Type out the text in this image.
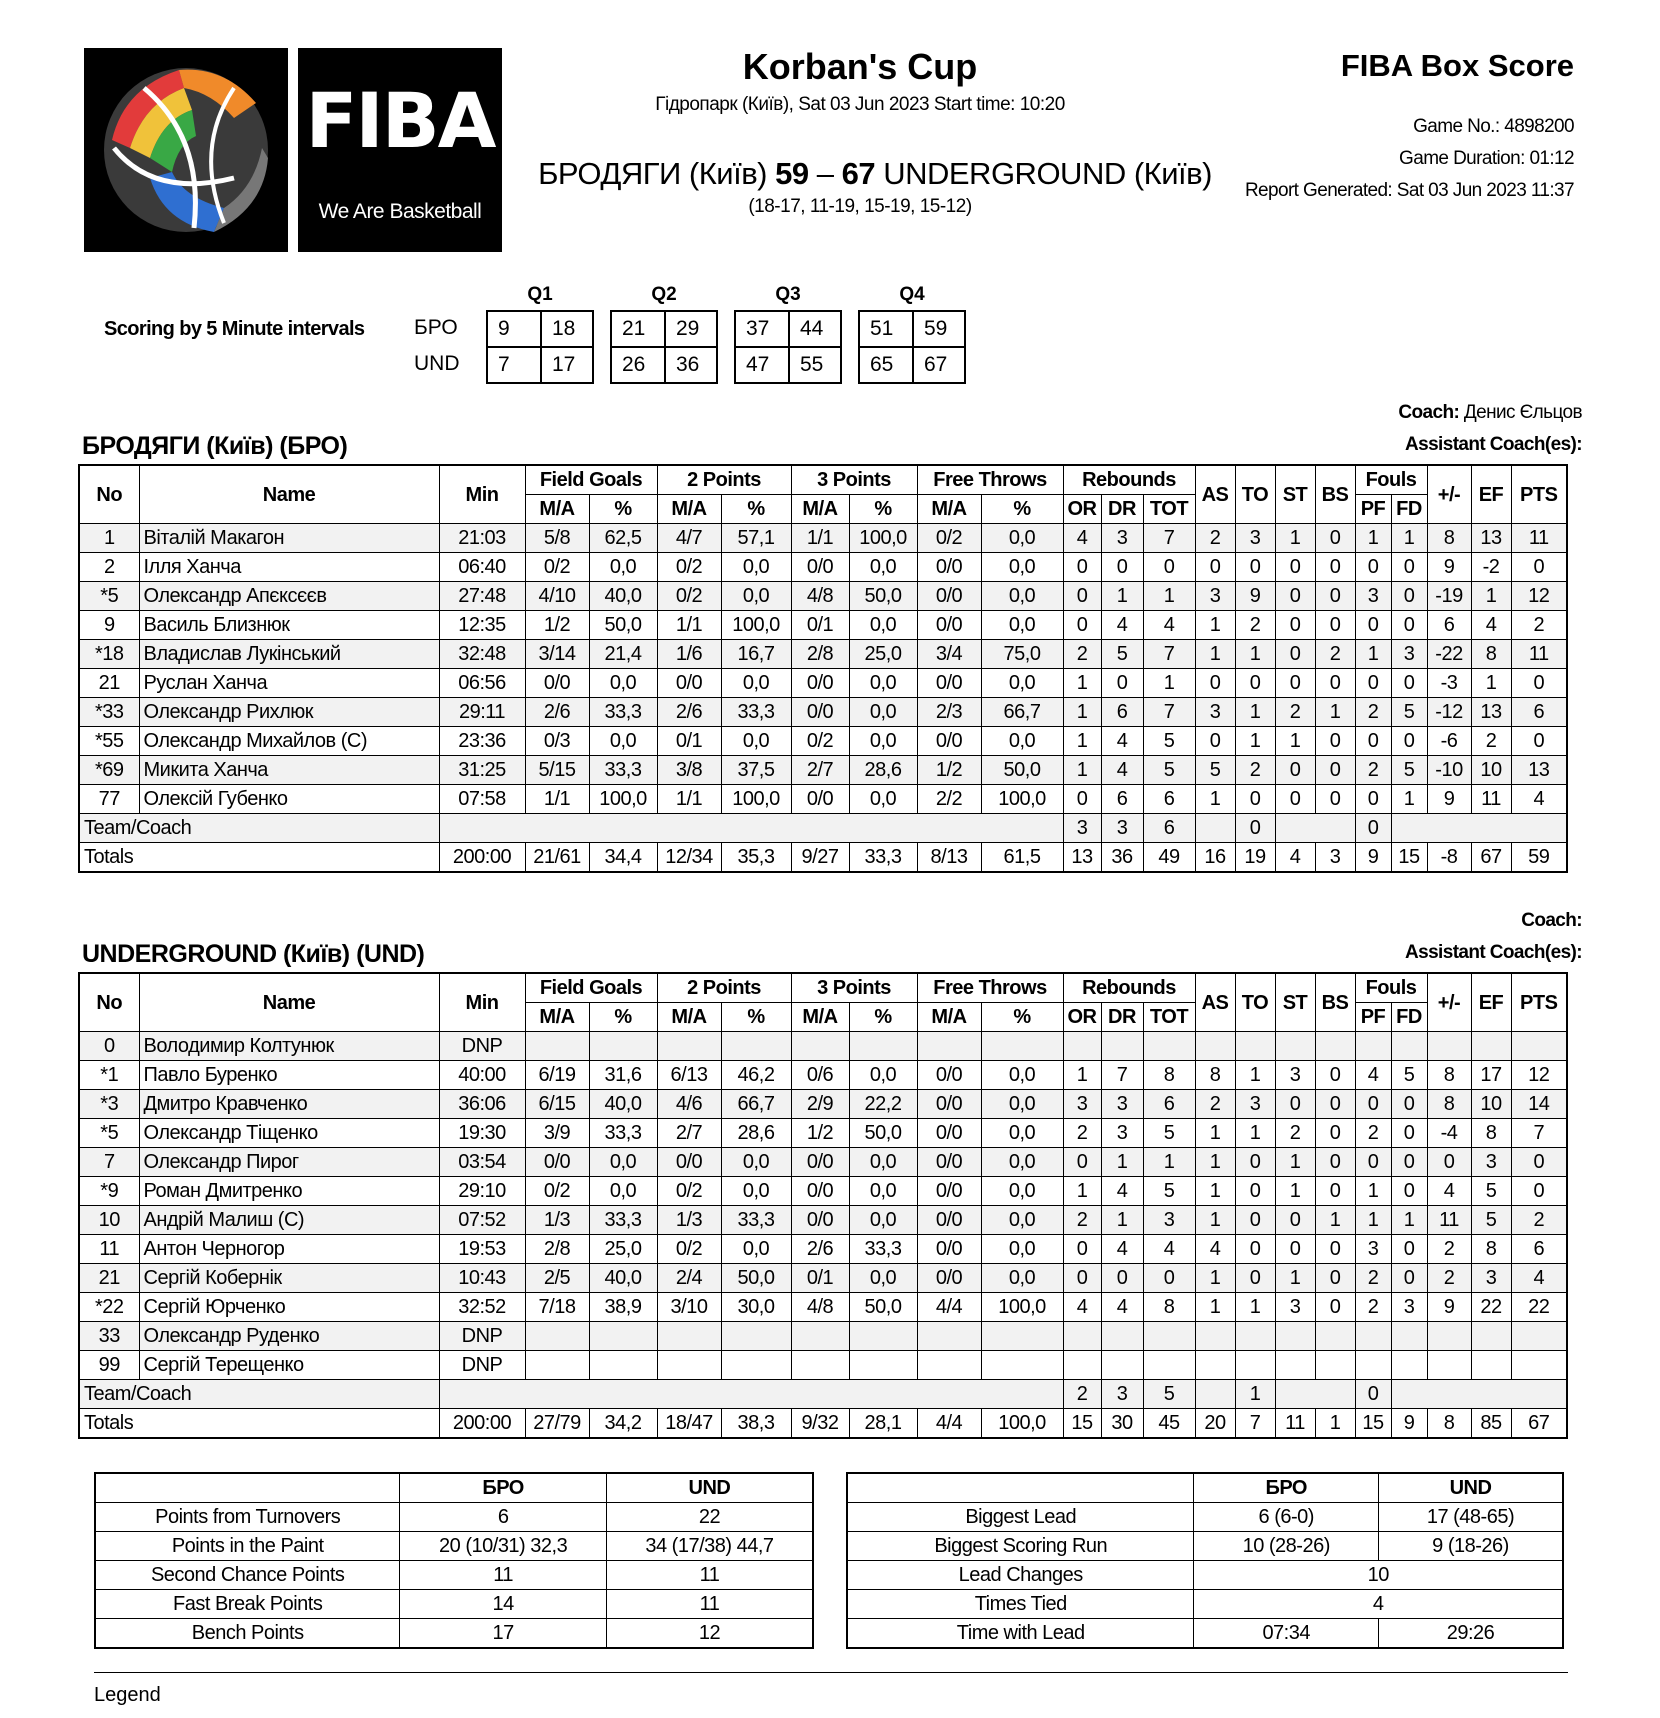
FIBA
We Are Basketball
Korban's Cup
Гідропарк (Київ), Sat 03 Jun 2023 Start time: 10:20
БРОДЯГИ (Київ) 59 – 67 UNDERGROUND (Київ)
(18-17, 11-19, 15-19, 15-12)
FIBA Box Score
Game No.: 4898200
Game Duration: 01:12
Report Generated: Sat 03 Jun 2023 11:37
Scoring by 5 Minute intervals
Q1	Q2	Q3	Q4
БРО
UND
9	18	21	29	37	44	51	59
7	17	26	36	47	55	65	67
Coach: Денис Єльцов
Assistant Coach(es):
БРОДЯГИ (Київ) (БРО)
No	Name	Min	Field Goals		2 Points		3 Points		Free Throws		Rebounds			AS	TO	ST	BS	Fouls		+/-	EF	PTS
			M/A	%	M/A	%	M/A	%	M/A	%	OR	DR	TOT					PF	FD			
1	Віталій Макагон	21:03	5/8	62,5	4/7	57,1	1/1	100,0	0/2	0,0	4	3	7	2	3	1	0	1	1	8	13	11
2	Ілля Ханча	06:40	0/2	0,0	0/2	0,0	0/0	0,0	0/0	0,0	0	0	0	0	0	0	0	0	0	9	-2	0
*5	Олександр Апєксєєв	27:48	4/10	40,0	0/2	0,0	4/8	50,0	0/0	0,0	0	1	1	3	9	0	0	3	0	-19	1	12
9	Василь Близнюк	12:35	1/2	50,0	1/1	100,0	0/1	0,0	0/0	0,0	0	4	4	1	2	0	0	0	0	6	4	2
*18	Владислав Лукінський	32:48	3/14	21,4	1/6	16,7	2/8	25,0	3/4	75,0	2	5	7	1	1	0	2	1	3	-22	8	11
21	Руслан Ханча	06:56	0/0	0,0	0/0	0,0	0/0	0,0	0/0	0,0	1	0	1	0	0	0	0	0	0	-3	1	0
*33	Олександр Рихлюк	29:11	2/6	33,3	2/6	33,3	0/0	0,0	2/3	66,7	1	6	7	3	1	2	1	2	5	-12	13	6
*55	Олександр Михайлов (C)	23:36	0/3	0,0	0/1	0,0	0/2	0,0	0/0	0,0	1	4	5	0	1	1	0	0	0	-6	2	0
*69	Микита Ханча	31:25	5/15	33,3	3/8	37,5	2/7	28,6	1/2	50,0	1	4	5	5	2	0	0	2	5	-10	10	13
77	Олексій Губенко	07:58	1/1	100,0	1/1	100,0	0/0	0,0	2/2	100,0	0	6	6	1	0	0	0	0	1	9	11	4
Team/Coach											3	3	6		0			0				
Totals		200:00	21/61	34,4	12/34	35,3	9/27	33,3	8/13	61,5	13	36	49	16	19	4	3	9	15	-8	67	59
Coach:
Assistant Coach(es):
UNDERGROUND (Київ) (UND)
No	Name	Min	Field Goals		2 Points		3 Points		Free Throws		Rebounds			AS	TO	ST	BS	Fouls		+/-	EF	PTS
			M/A	%	M/A	%	M/A	%	M/A	%	OR	DR	TOT					PF	FD			
0	Володимир Колтунюк	DNP																				
*1	Павло Буренко	40:00	6/19	31,6	6/13	46,2	0/6	0,0	0/0	0,0	1	7	8	8	1	3	0	4	5	8	17	12
*3	Дмитро Кравченко	36:06	6/15	40,0	4/6	66,7	2/9	22,2	0/0	0,0	3	3	6	2	3	0	0	0	0	8	10	14
*5	Олександр Тіщенко	19:30	3/9	33,3	2/7	28,6	1/2	50,0	0/0	0,0	2	3	5	1	1	2	0	2	0	-4	8	7
7	Олександр Пирог	03:54	0/0	0,0	0/0	0,0	0/0	0,0	0/0	0,0	0	1	1	1	0	1	0	0	0	0	3	0
*9	Роман Дмитренко	29:10	0/2	0,0	0/2	0,0	0/0	0,0	0/0	0,0	1	4	5	1	0	1	0	1	0	4	5	0
10	Андрій Малиш (C)	07:52	1/3	33,3	1/3	33,3	0/0	0,0	0/0	0,0	2	1	3	1	0	0	1	1	1	11	5	2
11	Антон Черногор	19:53	2/8	25,0	0/2	0,0	2/6	33,3	0/0	0,0	0	4	4	4	0	0	0	3	0	2	8	6
21	Сергій Кобернік	10:43	2/5	40,0	2/4	50,0	0/1	0,0	0/0	0,0	0	0	0	1	0	1	0	2	0	2	3	4
*22	Сергій Юрченко	32:52	7/18	38,9	3/10	30,0	4/8	50,0	4/4	100,0	4	4	8	1	1	3	0	2	3	9	22	22
33	Олександр Руденко	DNP																				
99	Сергій Терещенко	DNP																				
Team/Coach											2	3	5		1			0				
Totals		200:00	27/79	34,2	18/47	38,3	9/32	28,1	4/4	100,0	15	30	45	20	7	11	1	15	9	8	85	67
	БРО	UND
Points from Turnovers	6	22
Points in the Paint	20 (10/31) 32,3	34 (17/38) 44,7
Second Chance Points	11	11
Fast Break Points	14	11
Bench Points	17	12
	БРО	UND
Biggest Lead	6 (6-0)	17 (48-65)
Biggest Scoring Run	10 (28-26)	9 (18-26)
Lead Changes	10	
Times Tied	4	
Time with Lead	07:34	29:26
Legend
